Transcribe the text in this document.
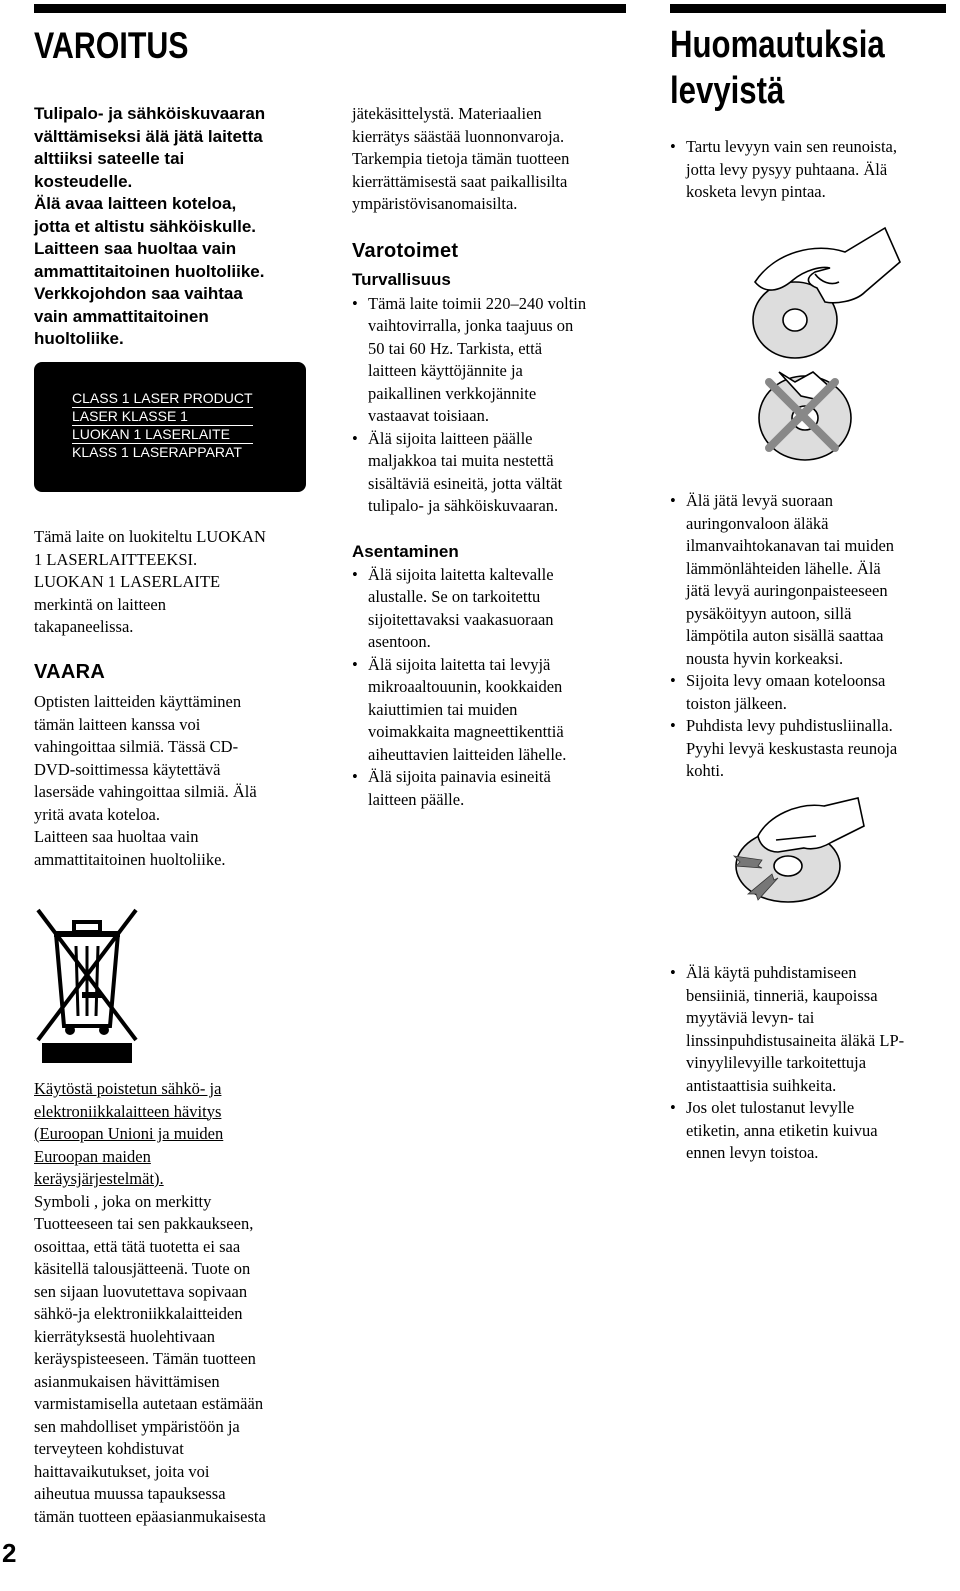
VAROITUS

Tulipalo- ja sähköiskuvaaran

välttämiseksi älä jätä laitetta

alttiiksi sateelle tai

kosteudelle.

Älä avaa laitteen koteloa,

jotta et altistu sähköiskulle.

Laitteen saa huoltaa vain

ammattitaitoinen huoltoliike.

Verkkojohdon saa vaihtaa

vain ammattitaitoinen

huoltoliike.

CLASS 1 LASER PRODUCT
LASER KLASSE 1
LUOKAN 1 LASERLAITE
KLASS 1 LASERAPPARAT

Tämä laite on luokiteltu LUOKAN

1 LASERLAITTEEKSI.

LUOKAN 1 LASERLAITE

merkintä on laitteen

takapaneelissa.

VAARA

Optisten laitteiden käyttäminen

tämän laitteen kanssa voi

vahingoittaa silmiä. Tässä CD-

DVD-soittimessa käytettävä

lasersäde vahingoittaa silmiä. Älä

yritä avata koteloa.

Laitteen saa huoltaa vain

ammattitaitoinen huoltoliike.

Käytöstä poistetun sähkö- ja

elektroniikkalaitteen hävitys

(Euroopan Unioni ja muiden

Euroopan maiden

keräysjärjestelmät).

Symboli , joka on merkitty

Tuotteeseen tai sen pakkaukseen,

osoittaa, että tätä tuotetta ei saa

käsitellä talousjätteenä. Tuote on

sen sijaan luovutettava sopivaan

sähkö-ja elektroniikkalaitteiden

kierrätyksestä huolehtivaan

keräyspisteeseen. Tämän tuotteen

asianmukaisen hävittämisen

varmistamisella autetaan estämään

sen mahdolliset ympäristöön ja

terveyteen kohdistuvat

haittavaikutukset, joita voi

aiheutua muussa tapauksessa

tämän tuotteen epäasianmukaisesta

jätekäsittelystä. Materiaalien

kierrätys säästää luonnonvaroja.

Tarkempia tietoja tämän tuotteen

kierrättämisestä saat paikallisilta

ympäristövisanomaisilta.

Varotoimet
Turvallisuus
• Tämä laite toimii 220–240 voltin
vaihtovirralla, jonka taajuus on
50 tai 60 Hz. Tarkista, että
laitteen käyttöjännite ja
paikallinen verkkojännite
vastaavat toisiaan.
• Älä sijoita laitteen päälle
maljakkoa tai muita nestettä
sisältäviä esineitä, jotta vältät
tulipalo- ja sähköiskuvaaran.
Asentaminen
• Älä sijoita laitetta kaltevalle
alustalle. Se on tarkoitettu
sijoitettavaksi vaakasuoraan
asentoon.
• Älä sijoita laitetta tai levyjä
mikroaaltouunin, kookkaiden
kaiuttimien tai muiden
voimakkaita magneettikenttiä
aiheuttavien laitteiden lähelle.
• Älä sijoita painavia esineitä
laitteen päälle.
Huomautuksia
levyistä
• Tartu levyyn vain sen reunoista,
jotta levy pysyy puhtaana. Älä
kosketa levyn pintaa.
• Älä jätä levyä suoraan
auringonvaloon äläkä
ilmanvaihtokanavan tai muiden
lämmönlähteiden lähelle. Älä
jätä levyä auringonpaisteeseen
pysäköityyn autoon, sillä
lämpötila auton sisällä saattaa
nousta hyvin korkeaksi.
• Sijoita levy omaan koteloonsa
toiston jälkeen.
• Puhdista levy puhdistusliinalla.
Pyyhi levyä keskustasta reunoja
kohti.
• Älä käytä puhdistamiseen
bensiiniä, tinneriä, kaupoissa
myytäviä levyn- tai
linssinpuhdistusaineita äläkä LP-
vinyylilevyille tarkoitettuja
antistaattisia suihkeita.
• Jos olet tulostanut levylle
etiketin, anna etiketin kuivua
ennen levyn toistoa.
2
